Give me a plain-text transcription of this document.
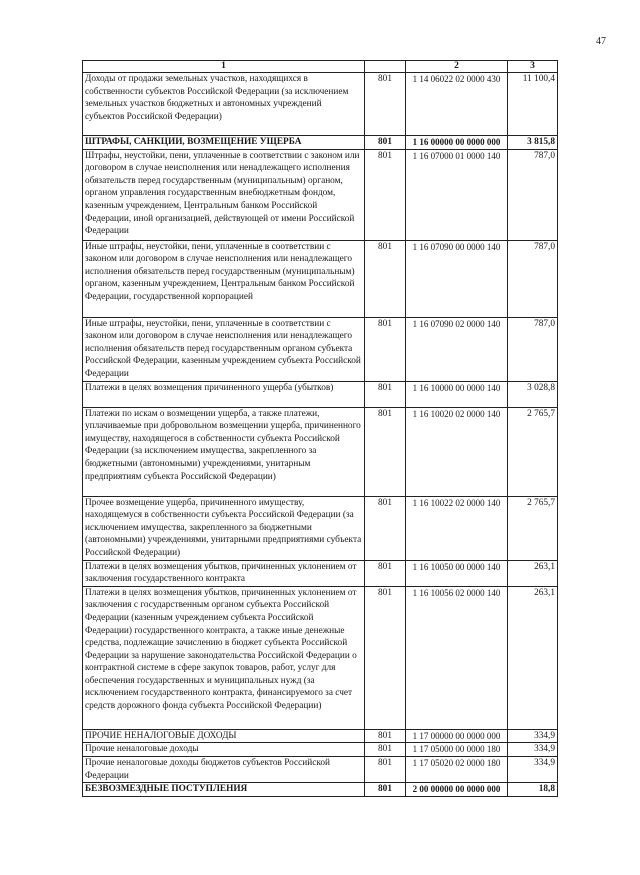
47
1		2	3
Доходы от продажи земельных участков, находящихся в собственности субъектов Российской Федерации (за исключением земельных участков бюджетных и автономных учреждений субъектов Российской Федерации)	801	1 14 06022 02 0000 430	11 100,4
ШТРАФЫ, САНКЦИИ, ВОЗМЕЩЕНИЕ УЩЕРБА	801	1 16 00000 00 0000 000	3 815,8
Штрафы, неустойки, пени, уплаченные в соответствии с законом или договором в случае неисполнения или ненадлежащего исполнения обязательств перед государственным (муниципальным) органом, органом управления государственным внебюджетным фондом, казенным учреждением, Центральным банком Российской Федерации, иной организацией, действующей от имени Российской Федерации	801	1 16 07000 01 0000 140	787,0
Иные штрафы, неустойки, пени, уплаченные в соответствии с законом или договором в случае неисполнения или ненадлежащего исполнения обязательств перед государственным (муниципальным) органом, казенным учреждением, Центральным банком Российской Федерации, государственной корпорацией	801	1 16 07090 00 0000 140	787,0
Иные штрафы, неустойки, пени, уплаченные в соответствии с законом или договором в случае неисполнения или ненадлежащего исполнения обязательств перед государственным органом субъекта Российской Федерации, казенным учреждением субъекта Российской Федерации	801	1 16 07090 02 0000 140	787,0
Платежи в целях возмещения причиненного ущерба (убытков)	801	1 16 10000 00 0000 140	3 028,8
Платежи по искам о возмещении ущерба, а также платежи, уплачиваемые при добровольном возмещении ущерба, причиненного имуществу, находящегося в собственности субъекта Российской Федерации (за исключением имущества, закрепленного за бюджетными (автономными) учреждениями, унитарным предприятиям субъекта Российской Федерации)	801	1 16 10020 02 0000 140	2 765,7
Прочее возмещение ущерба, причиненного имуществу, находящемуся в собственности субъекта Российской Федерации (за исключением имущества, закрепленного за бюджетными (автономными) учреждениями, унитарными предприятиями субъекта Российской Федерации)	801	1 16 10022 02 0000 140	2 765,7
Платежи в целях возмещения убытков, причиненных уклонением от заключения государственного контракта	801	1 16 10050 00 0000 140	263,1
Платежи в целях возмещения убытков, причиненных уклонением от заключения с государственным органом субъекта Российской Федерации (казенным учреждением субъекта Российской Федерации) государственного контракта, а также иные денежные средства, подлежащие зачислению в бюджет субъекта Российской Федерации за нарушение законодательства Российской Федерации о контрактной системе в сфере закупок товаров, работ, услуг для обеспечения государственных и муниципальных нужд (за исключением государственного контракта, финансируемого за счет средств дорожного фонда субъекта Российской Федерации)	801	1 16 10056 02 0000 140	263,1
ПРОЧИЕ НЕНАЛОГОВЫЕ ДОХОДЫ	801	1 17 00000 00 0000 000	334,9
Прочие неналоговые доходы	801	1 17 05000 00 0000 180	334,9
Прочие неналоговые доходы бюджетов субъектов Российской Федерации	801	1 17 05020 02 0000 180	334,9
БЕЗВОЗМЕЗДНЫЕ ПОСТУПЛЕНИЯ	801	2 00 00000 00 0000 000	18,8
